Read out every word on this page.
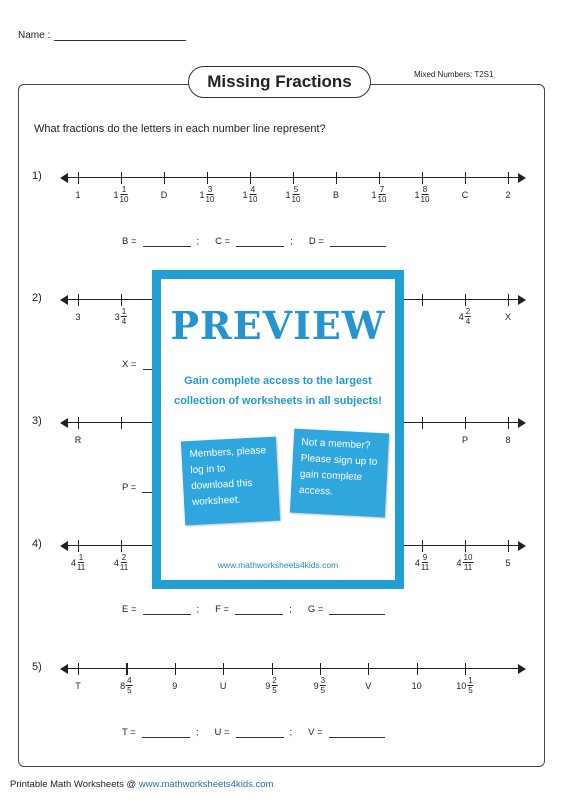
Name :
Missing Fractions	Mixed Numbers: T2S1
What fractions do the letters in each number line represent?
1)
1	$1 \frac{1}{10}$	D	$1 \frac{3}{10}$	$1 \frac{4}{10}$	$1 \frac{5}{10}$	B	$1 \frac{7}{10}$	$1 \frac{8}{10}$	C	2
B =	; C =	; D =
2)
3	$3 \frac{1}{4}$	$4 \frac{2}{4}$	X
X =
3)
R	P	8
P =
4)
$4 \frac{1}{11}$	$4 \frac{2}{11}$	$4 \frac{9}{11}$	$4 \frac{10}{11}$	5
E =	; F =	; G =
5)
T	$8 \frac{4}{5}$	9	U	$9 \frac{2}{5}$	$9 \frac{3}{5}$	V	10	$10 \frac{1}{5}$
T =	; U =	; V =
Printable Math Worksheets @ www.mathworksheets4kids.com
PREVIEW
Gain complete access to the largest
collection of worksheets in all subjects!
Members, please log in to download this worksheet.
Not a member? Please sign up to gain complete access.
www.mathworksheets4kids.com
